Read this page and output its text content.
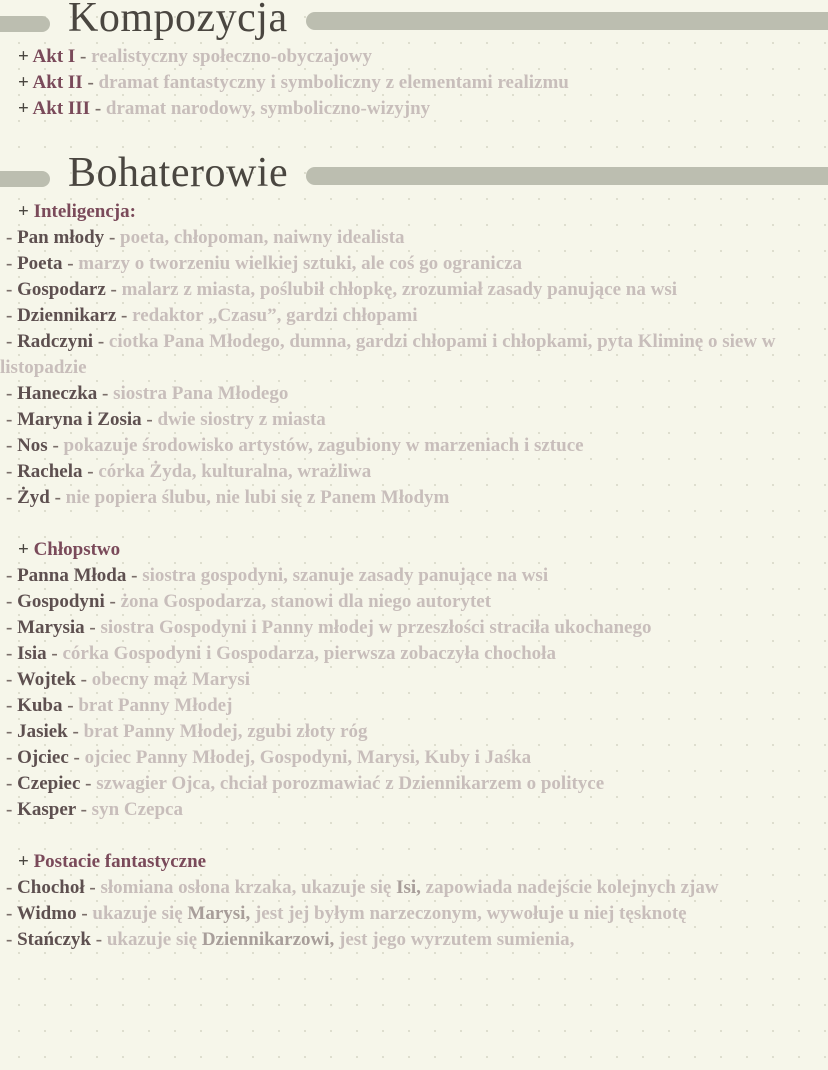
Kompozycja
Bohaterowie
+ Akt I - realistyczny społeczno-obyczajowy
+ Akt II - dramat fantastyczny i symboliczny z elementami realizmu
+ Akt III - dramat narodowy, symboliczno-wizyjny
+ Inteligencja:
- Pan młody - poeta, chłopoman, naiwny idealista
- Poeta - marzy o tworzeniu wielkiej sztuki, ale coś go ogranicza
- Gospodarz - malarz z miasta, poślubił chłopkę, zrozumiał zasady panujące na wsi
- Dziennikarz - redaktor „Czasu”, gardzi chłopami
- Radczyni - ciotka Pana Młodego, dumna, gardzi chłopami i chłopkami, pyta Kliminę o siew w listopadzie
- Haneczka - siostra Pana Młodego
- Maryna i Zosia - dwie siostry z miasta
- Nos - pokazuje środowisko artystów, zagubiony w marzeniach i sztuce
- Rachela - córka Żyda, kulturalna, wrażliwa
- Żyd - nie popiera ślubu, nie lubi się z Panem Młodym
+ Chłopstwo
- Panna Młoda - siostra gospodyni, szanuje zasady panujące na wsi
- Gospodyni - żona Gospodarza, stanowi dla niego autorytet
- Marysia - siostra Gospodyni i Panny młodej w przeszłości straciła ukochanego
- Isia - córka Gospodyni i Gospodarza, pierwsza zobaczyła chochoła
- Wojtek - obecny mąż Marysi
- Kuba - brat Panny Młodej
- Jasiek - brat Panny Młodej, zgubi złoty róg
- Ojciec - ojciec Panny Młodej, Gospodyni, Marysi, Kuby i Jaśka
- Czepiec - szwagier Ojca, chciał porozmawiać z Dziennikarzem o polityce
- Kasper - syn Czepca
+ Postacie fantastyczne
- Chochoł - słomiana osłona krzaka, ukazuje się Isi, zapowiada nadejście kolejnych zjaw
- Widmo - ukazuje się Marysi, jest jej byłym narzeczonym, wywołuje u niej tęsknotę
- Stańczyk - ukazuje się Dziennikarzowi, jest jego wyrzutem sumienia,
